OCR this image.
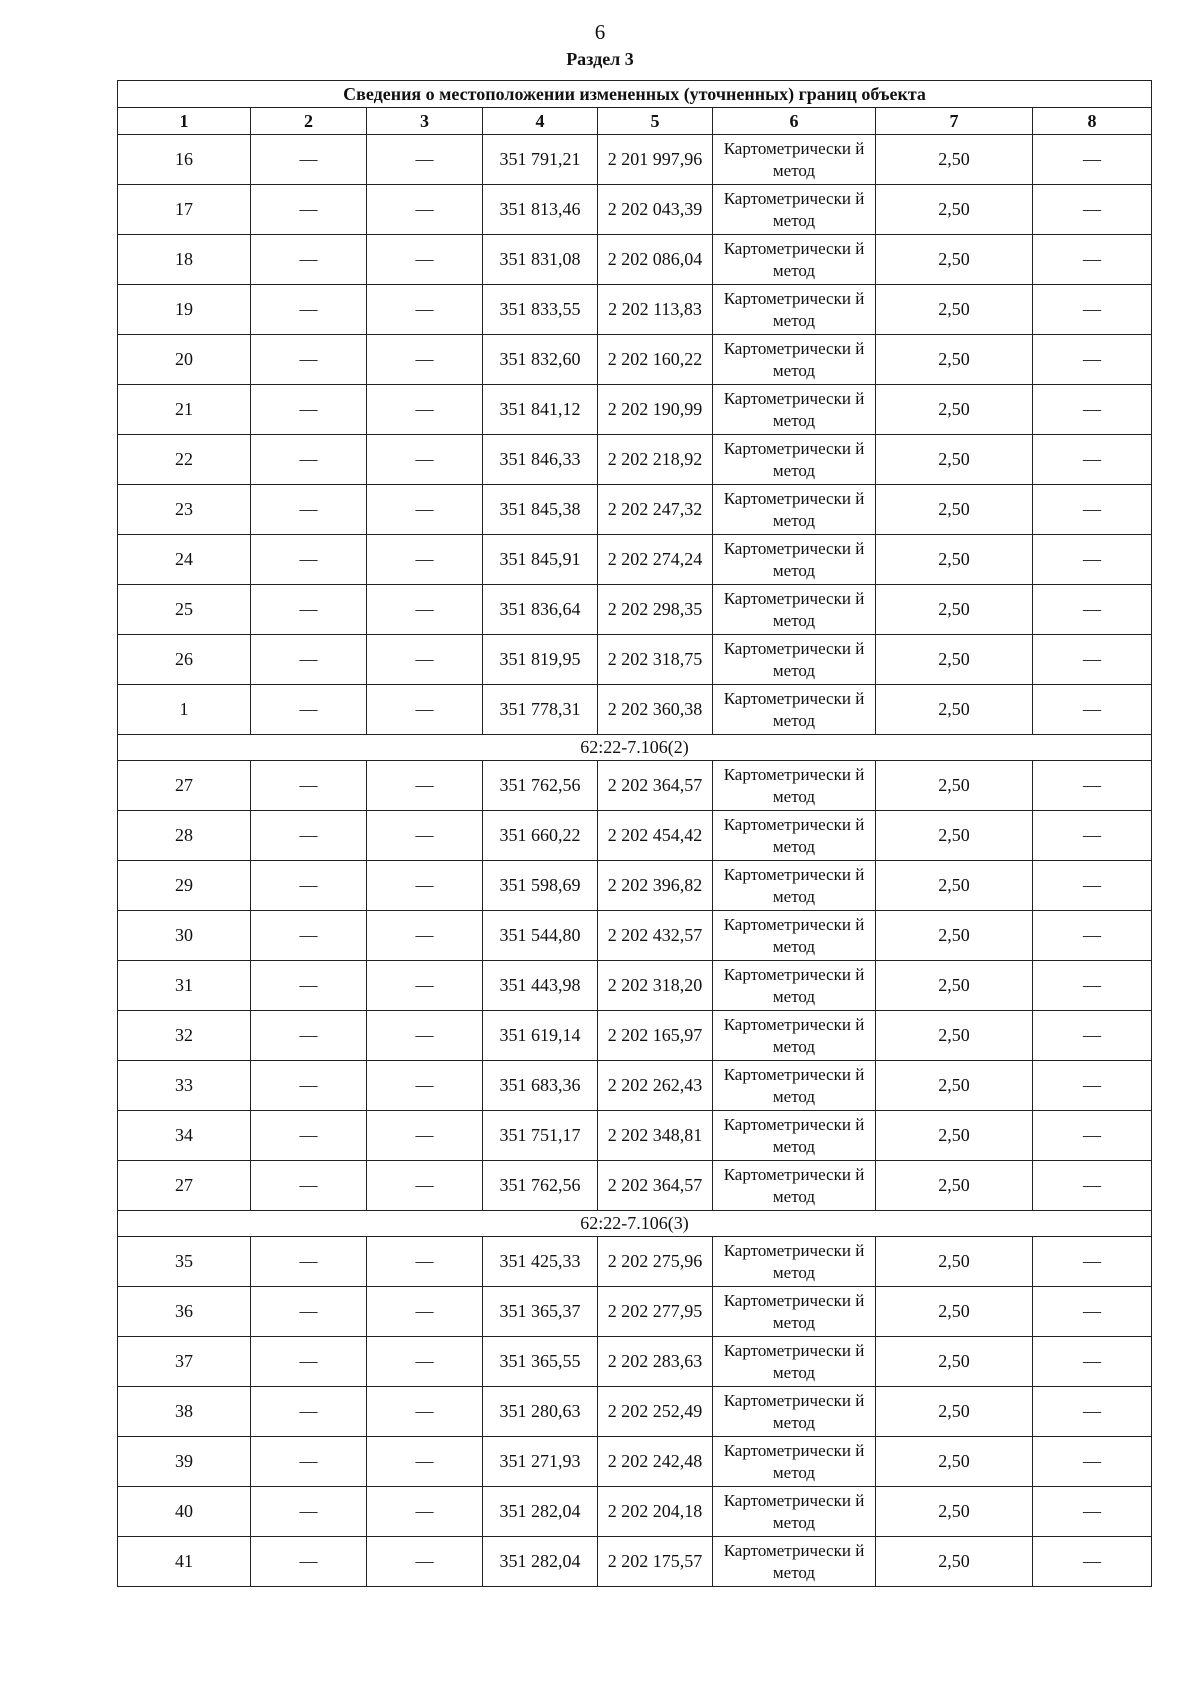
6
Раздел 3
Сведения о местоположении измененных (уточненных) границ объекта							
1	2	3	4	5	6	7	8
16	—	—	351 791,21	2 201 997,96	Картометрически й метод	2,50	—
17	—	—	351 813,46	2 202 043,39	Картометрически й метод	2,50	—
18	—	—	351 831,08	2 202 086,04	Картометрически й метод	2,50	—
19	—	—	351 833,55	2 202 113,83	Картометрически й метод	2,50	—
20	—	—	351 832,60	2 202 160,22	Картометрически й метод	2,50	—
21	—	—	351 841,12	2 202 190,99	Картометрически й метод	2,50	—
22	—	—	351 846,33	2 202 218,92	Картометрически й метод	2,50	—
23	—	—	351 845,38	2 202 247,32	Картометрически й метод	2,50	—
24	—	—	351 845,91	2 202 274,24	Картометрически й метод	2,50	—
25	—	—	351 836,64	2 202 298,35	Картометрически й метод	2,50	—
26	—	—	351 819,95	2 202 318,75	Картометрически й метод	2,50	—
1	—	—	351 778,31	2 202 360,38	Картометрически й метод	2,50	—
62:22-7.106(2)							
27	—	—	351 762,56	2 202 364,57	Картометрически й метод	2,50	—
28	—	—	351 660,22	2 202 454,42	Картометрически й метод	2,50	—
29	—	—	351 598,69	2 202 396,82	Картометрически й метод	2,50	—
30	—	—	351 544,80	2 202 432,57	Картометрически й метод	2,50	—
31	—	—	351 443,98	2 202 318,20	Картометрически й метод	2,50	—
32	—	—	351 619,14	2 202 165,97	Картометрически й метод	2,50	—
33	—	—	351 683,36	2 202 262,43	Картометрически й метод	2,50	—
34	—	—	351 751,17	2 202 348,81	Картометрически й метод	2,50	—
27	—	—	351 762,56	2 202 364,57	Картометрически й метод	2,50	—
62:22-7.106(3)							
35	—	—	351 425,33	2 202 275,96	Картометрически й метод	2,50	—
36	—	—	351 365,37	2 202 277,95	Картометрически й метод	2,50	—
37	—	—	351 365,55	2 202 283,63	Картометрически й метод	2,50	—
38	—	—	351 280,63	2 202 252,49	Картометрически й метод	2,50	—
39	—	—	351 271,93	2 202 242,48	Картометрически й метод	2,50	—
40	—	—	351 282,04	2 202 204,18	Картометрически й метод	2,50	—
41	—	—	351 282,04	2 202 175,57	Картометрически й метод	2,50	—
